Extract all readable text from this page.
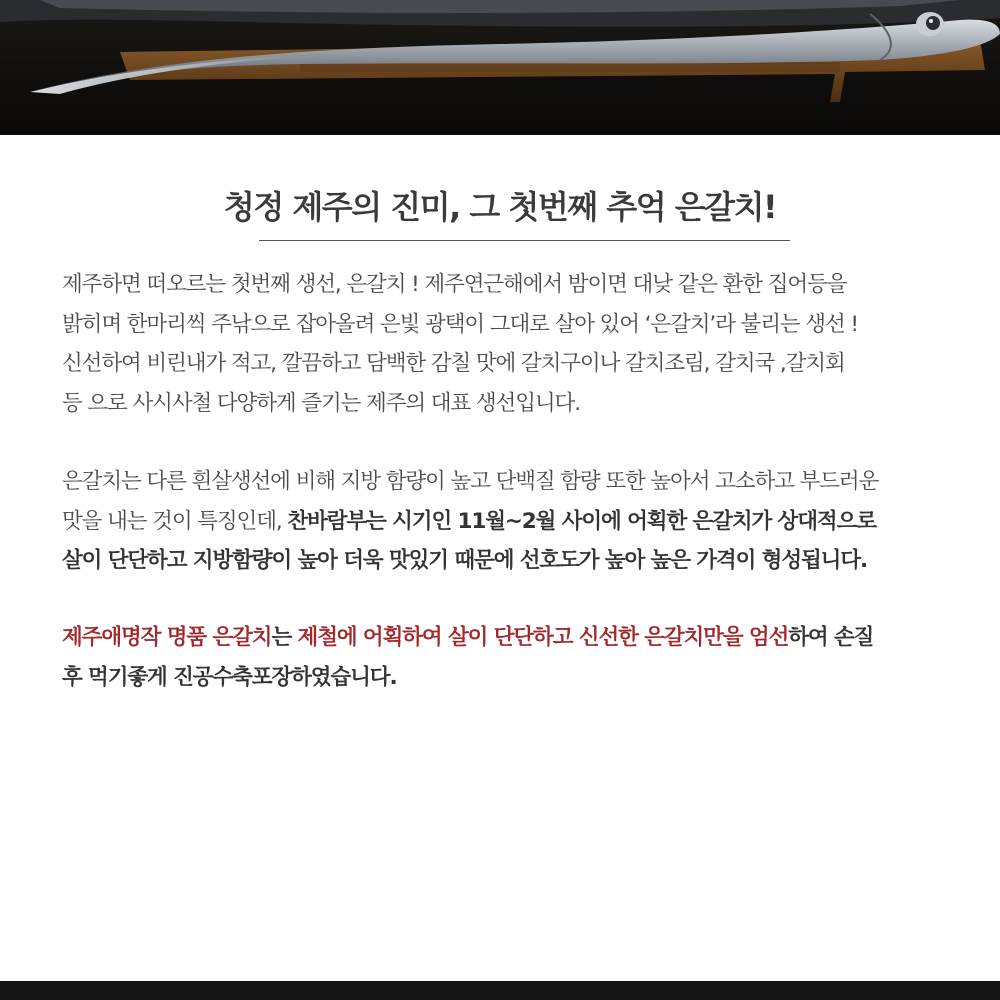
청정 제주의 진미, 그 첫번째 추억 은갈치!
제주하면 떠오르는 첫번째 생선, 은갈치 ! 제주연근해에서 밤이면 대낮 같은 환한 집어등을
밝히며 한마리씩 주낚으로 잡아올려 은빛 광택이 그대로 살아 있어 ‘은갈치’라 불리는 생선 !
신선하여 비린내가 적고, 깔끔하고 담백한 감칠 맛에 갈치구이나 갈치조림, 갈치국 ,갈치회
등 으로 사시사철 다양하게 즐기는 제주의 대표 생선입니다.
은갈치는 다른 흰살생선에 비해 지방 함량이 높고 단백질 함량 또한 높아서 고소하고 부드러운
맛을 내는 것이 특징인데, 찬바람부는 시기인 11월~2월 사이에 어획한 은갈치가 상대적으로
살이 단단하고 지방함량이 높아 더욱 맛있기 때문에 선호도가 높아 높은 가격이 형성됩니다.
제주애명작 명품 은갈치는 제철에 어획하여 살이 단단하고 신선한 은갈치만을 엄선하여 손질
후 먹기좋게 진공수축포장하였습니다.
